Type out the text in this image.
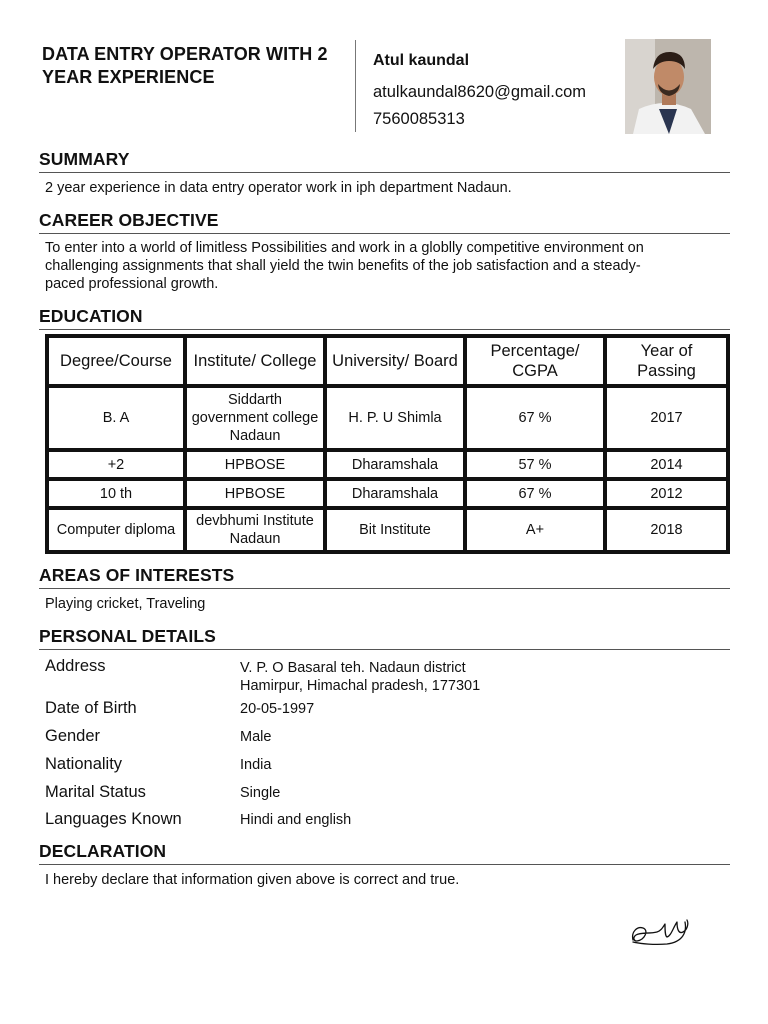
DATA ENTRY OPERATOR WITH 2 YEAR EXPERIENCE
Atul kaundal
atulkaundal8620@gmail.com
7560085313
SUMMARY
2 year experience in data entry operator work in iph department Nadaun.
CAREER OBJECTIVE
To enter into a world of limitless Possibilities and work in a globlly competitive environment on challenging assignments that shall yield the twin benefits of the job satisfaction and a steady-paced professional growth.
EDUCATION
Degree/Course	Institute/ College	University/ Board	Percentage/ CGPA	Year of Passing
B. A	Siddarth government college Nadaun	H. P. U Shimla	67 %	2017
+2	HPBOSE	Dharamshala	57 %	2014
10 th	HPBOSE	Dharamshala	67 %	2012
Computer diploma	devbhumi Institute Nadaun	Bit Institute	A+	2018
AREAS OF INTERESTS
Playing cricket, Traveling
PERSONAL DETAILS
Address	V. P. O Basaral teh. Nadaun district Hamirpur, Himachal pradesh, 177301
Date of Birth	20-05-1997
Gender	Male
Nationality	India
Marital Status	Single
Languages Known	Hindi and english
DECLARATION
I hereby declare that information given above is correct and true.
